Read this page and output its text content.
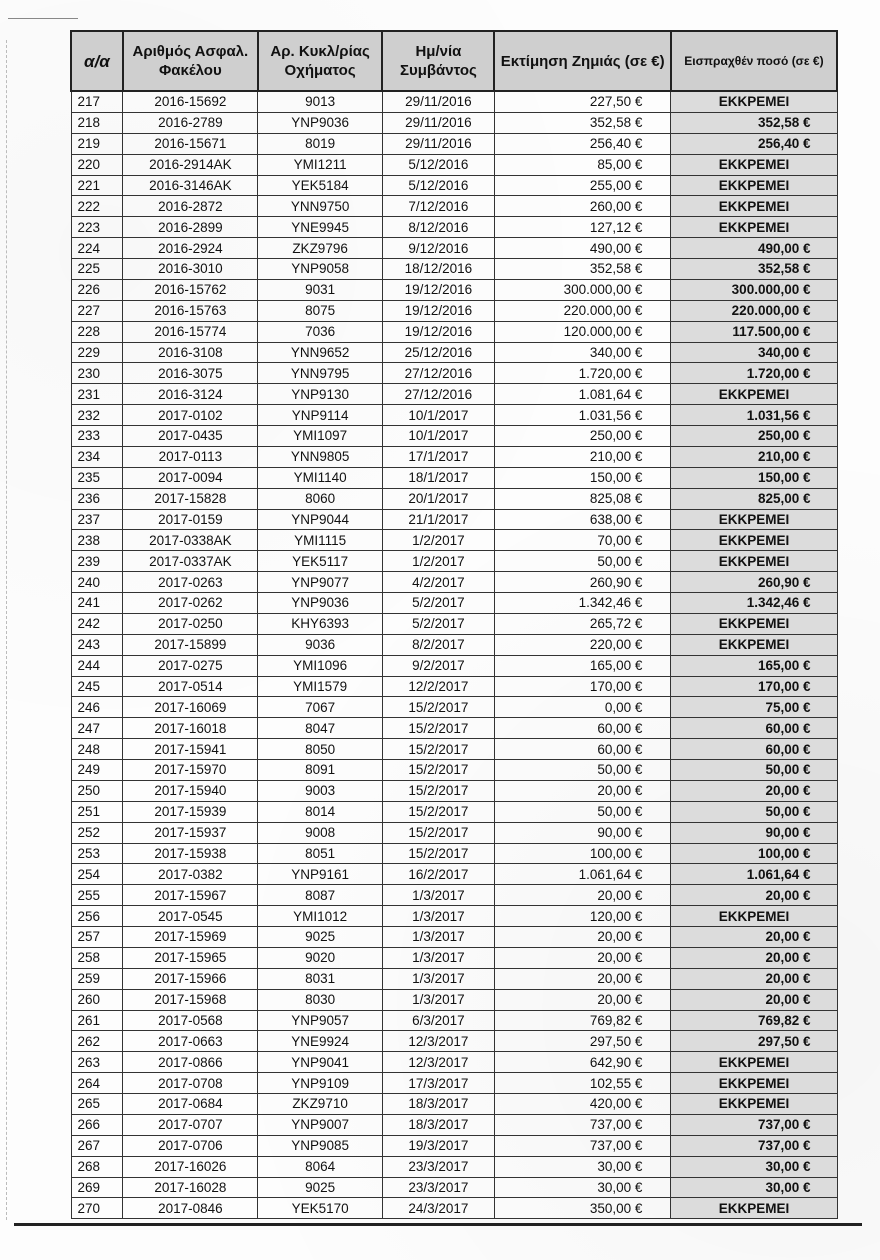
α/α	Αριθμός Ασφαλ. Φακέλου	Αρ. Κυκλ/ρίας Οχήματος	Ημ/νία Συμβάντος	Εκτίμηση Ζημιάς (σε €)	Εισπραχθέν ποσό (σε €)
217	2016-15692	9013	29/11/2016	227,50 €	ΕΚΚΡΕΜΕΙ
218	2016-2789	YNP9036	29/11/2016	352,58 €	352,58 €
219	2016-15671	8019	29/11/2016	256,40 €	256,40 €
220	2016-2914AK	YMI1211	5/12/2016	85,00 €	ΕΚΚΡΕΜΕΙ
221	2016-3146AK	YEK5184	5/12/2016	255,00 €	ΕΚΚΡΕΜΕΙ
222	2016-2872	YNN9750	7/12/2016	260,00 €	ΕΚΚΡΕΜΕΙ
223	2016-2899	YNE9945	8/12/2016	127,12 €	ΕΚΚΡΕΜΕΙ
224	2016-2924	ZKZ9796	9/12/2016	490,00 €	490,00 €
225	2016-3010	YNP9058	18/12/2016	352,58 €	352,58 €
226	2016-15762	9031	19/12/2016	300.000,00 €	300.000,00 €
227	2016-15763	8075	19/12/2016	220.000,00 €	220.000,00 €
228	2016-15774	7036	19/12/2016	120.000,00 €	117.500,00 €
229	2016-3108	YNN9652	25/12/2016	340,00 €	340,00 €
230	2016-3075	YNN9795	27/12/2016	1.720,00 €	1.720,00 €
231	2016-3124	YNP9130	27/12/2016	1.081,64 €	ΕΚΚΡΕΜΕΙ
232	2017-0102	YNP9114	10/1/2017	1.031,56 €	1.031,56 €
233	2017-0435	YMI1097	10/1/2017	250,00 €	250,00 €
234	2017-0113	YNN9805	17/1/2017	210,00 €	210,00 €
235	2017-0094	YMI1140	18/1/2017	150,00 €	150,00 €
236	2017-15828	8060	20/1/2017	825,08 €	825,00 €
237	2017-0159	YNP9044	21/1/2017	638,00 €	ΕΚΚΡΕΜΕΙ
238	2017-0338AK	YMI1115	1/2/2017	70,00 €	ΕΚΚΡΕΜΕΙ
239	2017-0337AK	YEK5117	1/2/2017	50,00 €	ΕΚΚΡΕΜΕΙ
240	2017-0263	YNP9077	4/2/2017	260,90 €	260,90 €
241	2017-0262	YNP9036	5/2/2017	1.342,46 €	1.342,46 €
242	2017-0250	KHY6393	5/2/2017	265,72 €	ΕΚΚΡΕΜΕΙ
243	2017-15899	9036	8/2/2017	220,00 €	ΕΚΚΡΕΜΕΙ
244	2017-0275	YMI1096	9/2/2017	165,00 €	165,00 €
245	2017-0514	YMI1579	12/2/2017	170,00 €	170,00 €
246	2017-16069	7067	15/2/2017	0,00 €	75,00 €
247	2017-16018	8047	15/2/2017	60,00 €	60,00 €
248	2017-15941	8050	15/2/2017	60,00 €	60,00 €
249	2017-15970	8091	15/2/2017	50,00 €	50,00 €
250	2017-15940	9003	15/2/2017	20,00 €	20,00 €
251	2017-15939	8014	15/2/2017	50,00 €	50,00 €
252	2017-15937	9008	15/2/2017	90,00 €	90,00 €
253	2017-15938	8051	15/2/2017	100,00 €	100,00 €
254	2017-0382	YNP9161	16/2/2017	1.061,64 €	1.061,64 €
255	2017-15967	8087	1/3/2017	20,00 €	20,00 €
256	2017-0545	YMI1012	1/3/2017	120,00 €	ΕΚΚΡΕΜΕΙ
257	2017-15969	9025	1/3/2017	20,00 €	20,00 €
258	2017-15965	9020	1/3/2017	20,00 €	20,00 €
259	2017-15966	8031	1/3/2017	20,00 €	20,00 €
260	2017-15968	8030	1/3/2017	20,00 €	20,00 €
261	2017-0568	YNP9057	6/3/2017	769,82 €	769,82 €
262	2017-0663	YNE9924	12/3/2017	297,50 €	297,50 €
263	2017-0866	YNP9041	12/3/2017	642,90 €	ΕΚΚΡΕΜΕΙ
264	2017-0708	YNP9109	17/3/2017	102,55 €	ΕΚΚΡΕΜΕΙ
265	2017-0684	ZKZ9710	18/3/2017	420,00 €	ΕΚΚΡΕΜΕΙ
266	2017-0707	YNP9007	18/3/2017	737,00 €	737,00 €
267	2017-0706	YNP9085	19/3/2017	737,00 €	737,00 €
268	2017-16026	8064	23/3/2017	30,00 €	30,00 €
269	2017-16028	9025	23/3/2017	30,00 €	30,00 €
270	2017-0846	YEK5170	24/3/2017	350,00 €	ΕΚΚΡΕΜΕΙ
